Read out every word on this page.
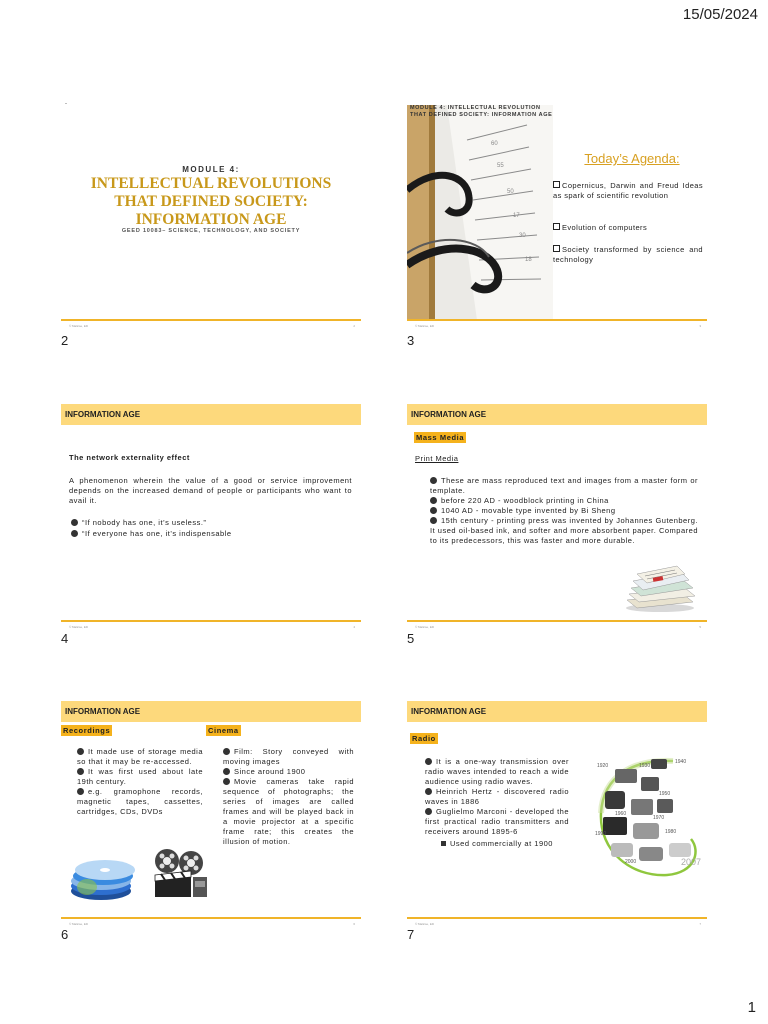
15/05/2024
-
MODULE 4:
INTELLECTUAL REVOLUTIONS
THAT DEFINED SOCIETY:
INFORMATION AGE
GEED 10083– SCIENCE, TECHNOLOGY, AND SOCIETY
© Malicse, ED	2
2
60
55
50
17
30
18
MODULE 4: INTELLECTUAL REVOLUTION
THAT DEFINED SOCIETY: INFORMATION AGE
Today’s Agenda:
Copernicus, Darwin and Freud Ideas as spark of scientific revolution
Evolution of computers
Society transformed by science and technology
© Malicse, ED	3
3
INFORMATION AGE
The network externality effect
A phenomenon wherein the value of a good or service improvement depends on the increased demand of people or participants who want to avail it.
“If nobody has one, it’s useless.”
“If everyone has one, it’s indispensable
© Malicse, ED	4
4
INFORMATION AGE
Mass Media
Print Media
These are mass reproduced text and images from a master form or template.
before 220 AD - woodblock printing in China
1040 AD - movable type invented by Bi Sheng
15th century - printing press was invented by Johannes Gutenberg. It used oil-based ink, and softer and more absorbent paper. Compared to its predecessors, this was faster and more durable.
© Malicse, ED	5
5
INFORMATION AGE
Recordings	Cinema
It made use of storage media so that it may be re-accessed.
It was first used about late 19th century.
e.g. gramophone records, magnetic tapes, cassettes, cartridges, CDs, DVDs
Film: Story conveyed with moving images
Since around 1900
Movie cameras take rapid sequence of photographs; the series of images are called frames and will be played back in a movie projector at a specific frame rate; this creates the illusion of motion.
© Malicse, ED	6
6
INFORMATION AGE
Radio
It is a one-way transmission over radio waves intended to reach a wide audience using radio waves.
Heinrich Hertz - discovered radio waves in 1886
Guglielmo Marconi - developed the first practical radio transmitters and receivers around 1895-6
Used commercially at 1900
1920	1930
1940
1950
1960
1970
1980
1990
2000	2007
© Malicse, ED	7
7
1
